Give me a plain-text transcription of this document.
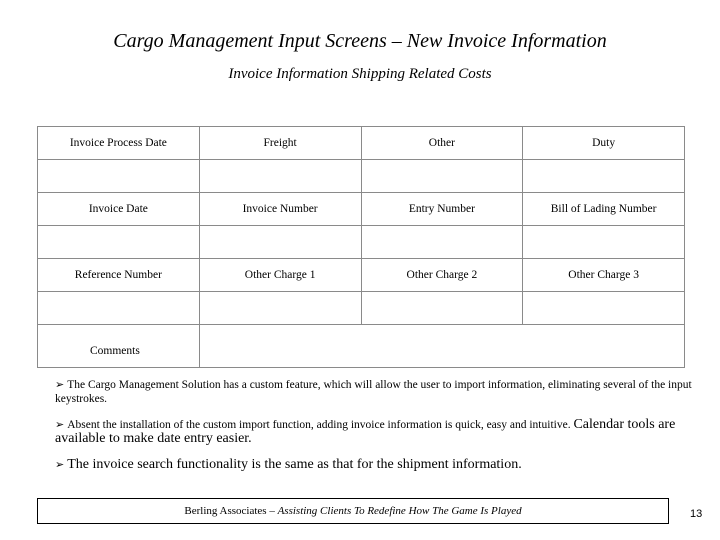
Cargo Management Input Screens – New Invoice Information
Invoice Information Shipping Related Costs
Invoice Process Date	Freight	Other	Duty

Invoice Date	Invoice Number	Entry Number	Bill of Lading Number

Reference Number	Other Charge 1	Other Charge 2	Other Charge 3

Comments			
➢ The Cargo Management Solution has a custom feature, which will allow the user to import information, eliminating several of the input keystrokes.
➢ Absent the installation of the custom import function, adding invoice information is quick, easy and intuitive. Calendar tools are available to make date entry easier.
➢ The invoice search functionality is the same as that for the shipment information.
Berling Associates – Assisting Clients To Redefine How The Game Is Played	13
